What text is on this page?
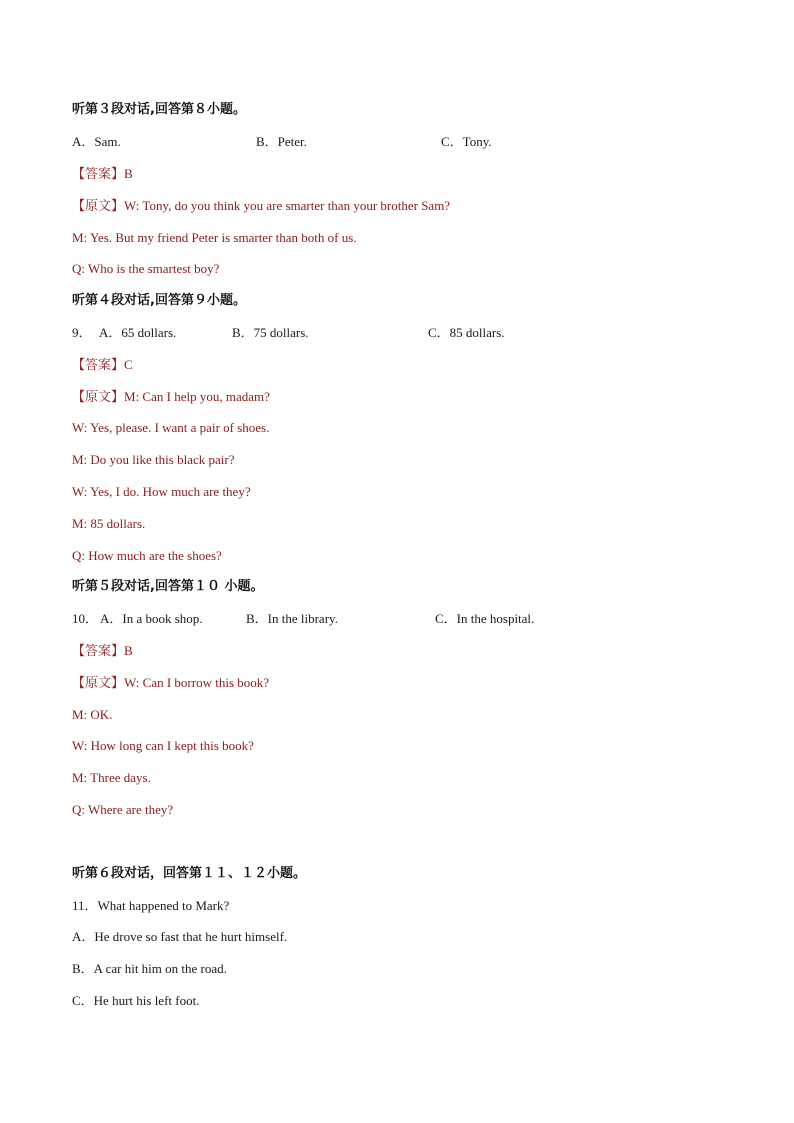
听第３段对话,回答第８小题。
A．Sam.	B．Peter.	C．Tony.
【答案】B
【原文】W: Tony, do you think you are smarter than your brother Sam?
M: Yes. But my friend Peter is smarter than both of us.
Q: Who is the smartest boy?
听第４段对话,回答第９小题。
9． A．65 dollars.	B．75 dollars.	C．85 dollars.
【答案】C
【原文】M: Can I help you, madam?
W: Yes, please. I want a pair of shoes.
M: Do you like this black pair?
W: Yes, I do. How much are they?
M: 85 dollars.
Q: How much are the shoes?
听第５段对话,回答第１０ 小题。
10． A．In a book shop.	B．In the library.	C．In the hospital.
【答案】B
【原文】W: Can I borrow this book?
M: OK.
W: How long can I kept this book?
M: Three days.
Q: Where are they?
听第６段对话，回答第１１、１２小题。
11．What happened to Mark?
A．He drove so fast that he hurt himself.
B．A car hit him on the road.
C．He hurt his left foot.
